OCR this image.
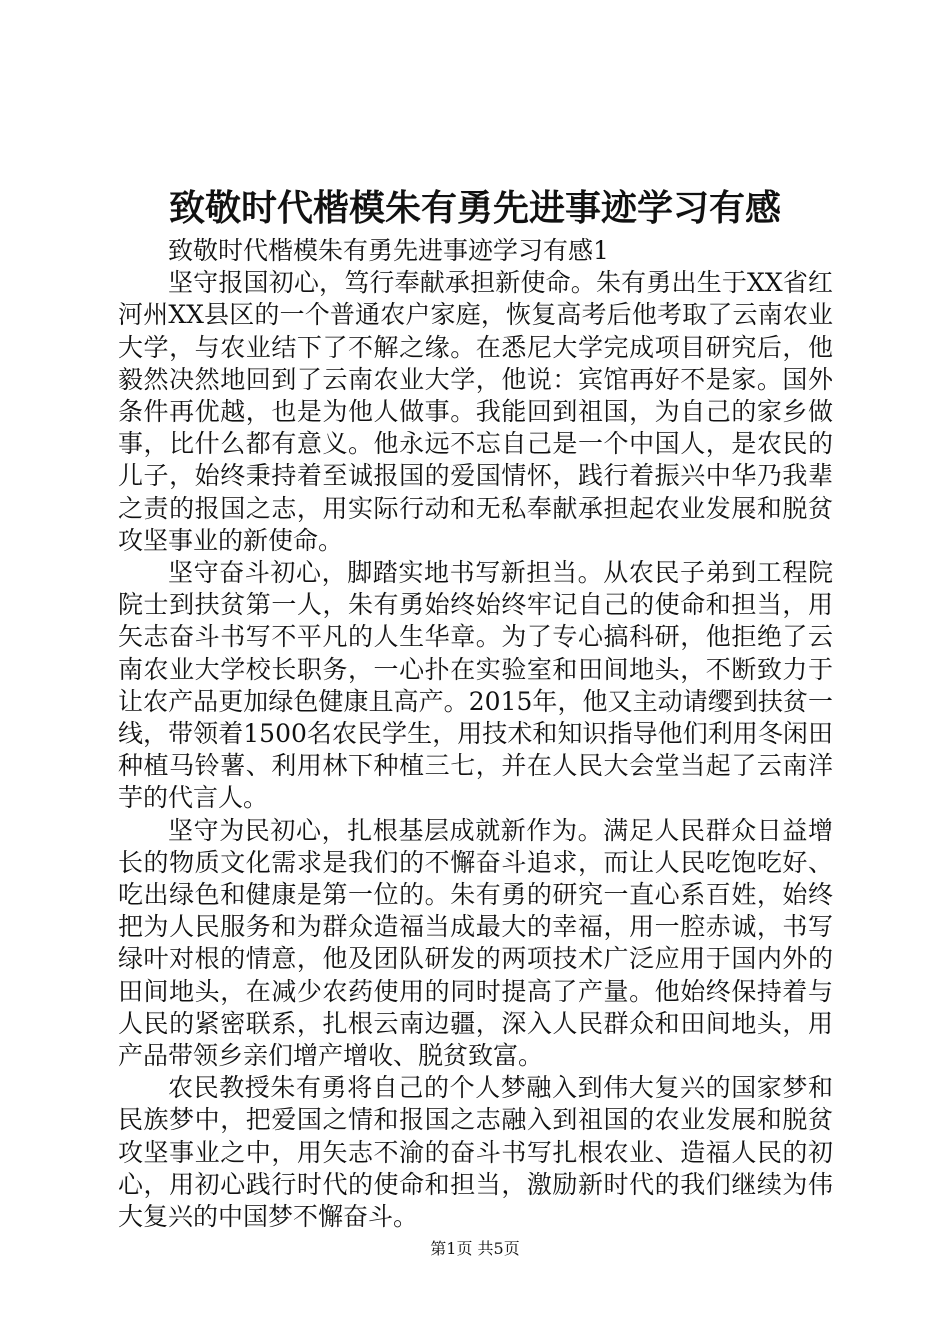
致敬时代楷模朱有勇先进事迹学习有感

致敬时代楷模朱有勇先进事迹学习有感1

坚守报国初心，笃行奉献承担新使命。朱有勇出生于XX省红河州XX县区的一个普通农户家庭，恢复高考后他考取了云南农业大学，与农业结下了不解之缘。在悉尼大学完成项目研究后，他毅然决然地回到了云南农业大学，他说：宾馆再好不是家。国外条件再优越，也是为他人做事。我能回到祖国，为自己的家乡做事，比什么都有意义。他永远不忘自己是一个中国人，是农民的儿子，始终秉持着至诚报国的爱国情怀，践行着振兴中华乃我辈之责的报国之志，用实际行动和无私奉献承担起农业发展和脱贫攻坚事业的新使命。

坚守奋斗初心，脚踏实地书写新担当。从农民子弟到工程院院士到扶贫第一人，朱有勇始终始终牢记自己的使命和担当，用矢志奋斗书写不平凡的人生华章。为了专心搞科研，他拒绝了云南农业大学校长职务，一心扑在实验室和田间地头，不断致力于让农产品更加绿色健康且高产。2015年，他又主动请缨到扶贫一线，带领着1500名农民学生，用技术和知识指导他们利用冬闲田种植马铃薯、利用林下种植三七，并在人民大会堂当起了云南洋芋的代言人。

坚守为民初心，扎根基层成就新作为。满足人民群众日益增长的物质文化需求是我们的不懈奋斗追求，而让人民吃饱吃好、吃出绿色和健康是第一位的。朱有勇的研究一直心系百姓，始终把为人民服务和为群众造福当成最大的幸福，用一腔赤诚，书写绿叶对根的情意，他及团队研发的两项技术广泛应用于国内外的田间地头，在减少农药使用的同时提高了产量。他始终保持着与人民的紧密联系，扎根云南边疆，深入人民群众和田间地头，用产品带领乡亲们增产增收、脱贫致富。

农民教授朱有勇将自己的个人梦融入到伟大复兴的国家梦和民族梦中，把爱国之情和报国之志融入到祖国的农业发展和脱贫攻坚事业之中，用矢志不渝的奋斗书写扎根农业、造福人民的初心，用初心践行时代的使命和担当，激励新时代的我们继续为伟大复兴的中国梦不懈奋斗。

第1页 共5页
